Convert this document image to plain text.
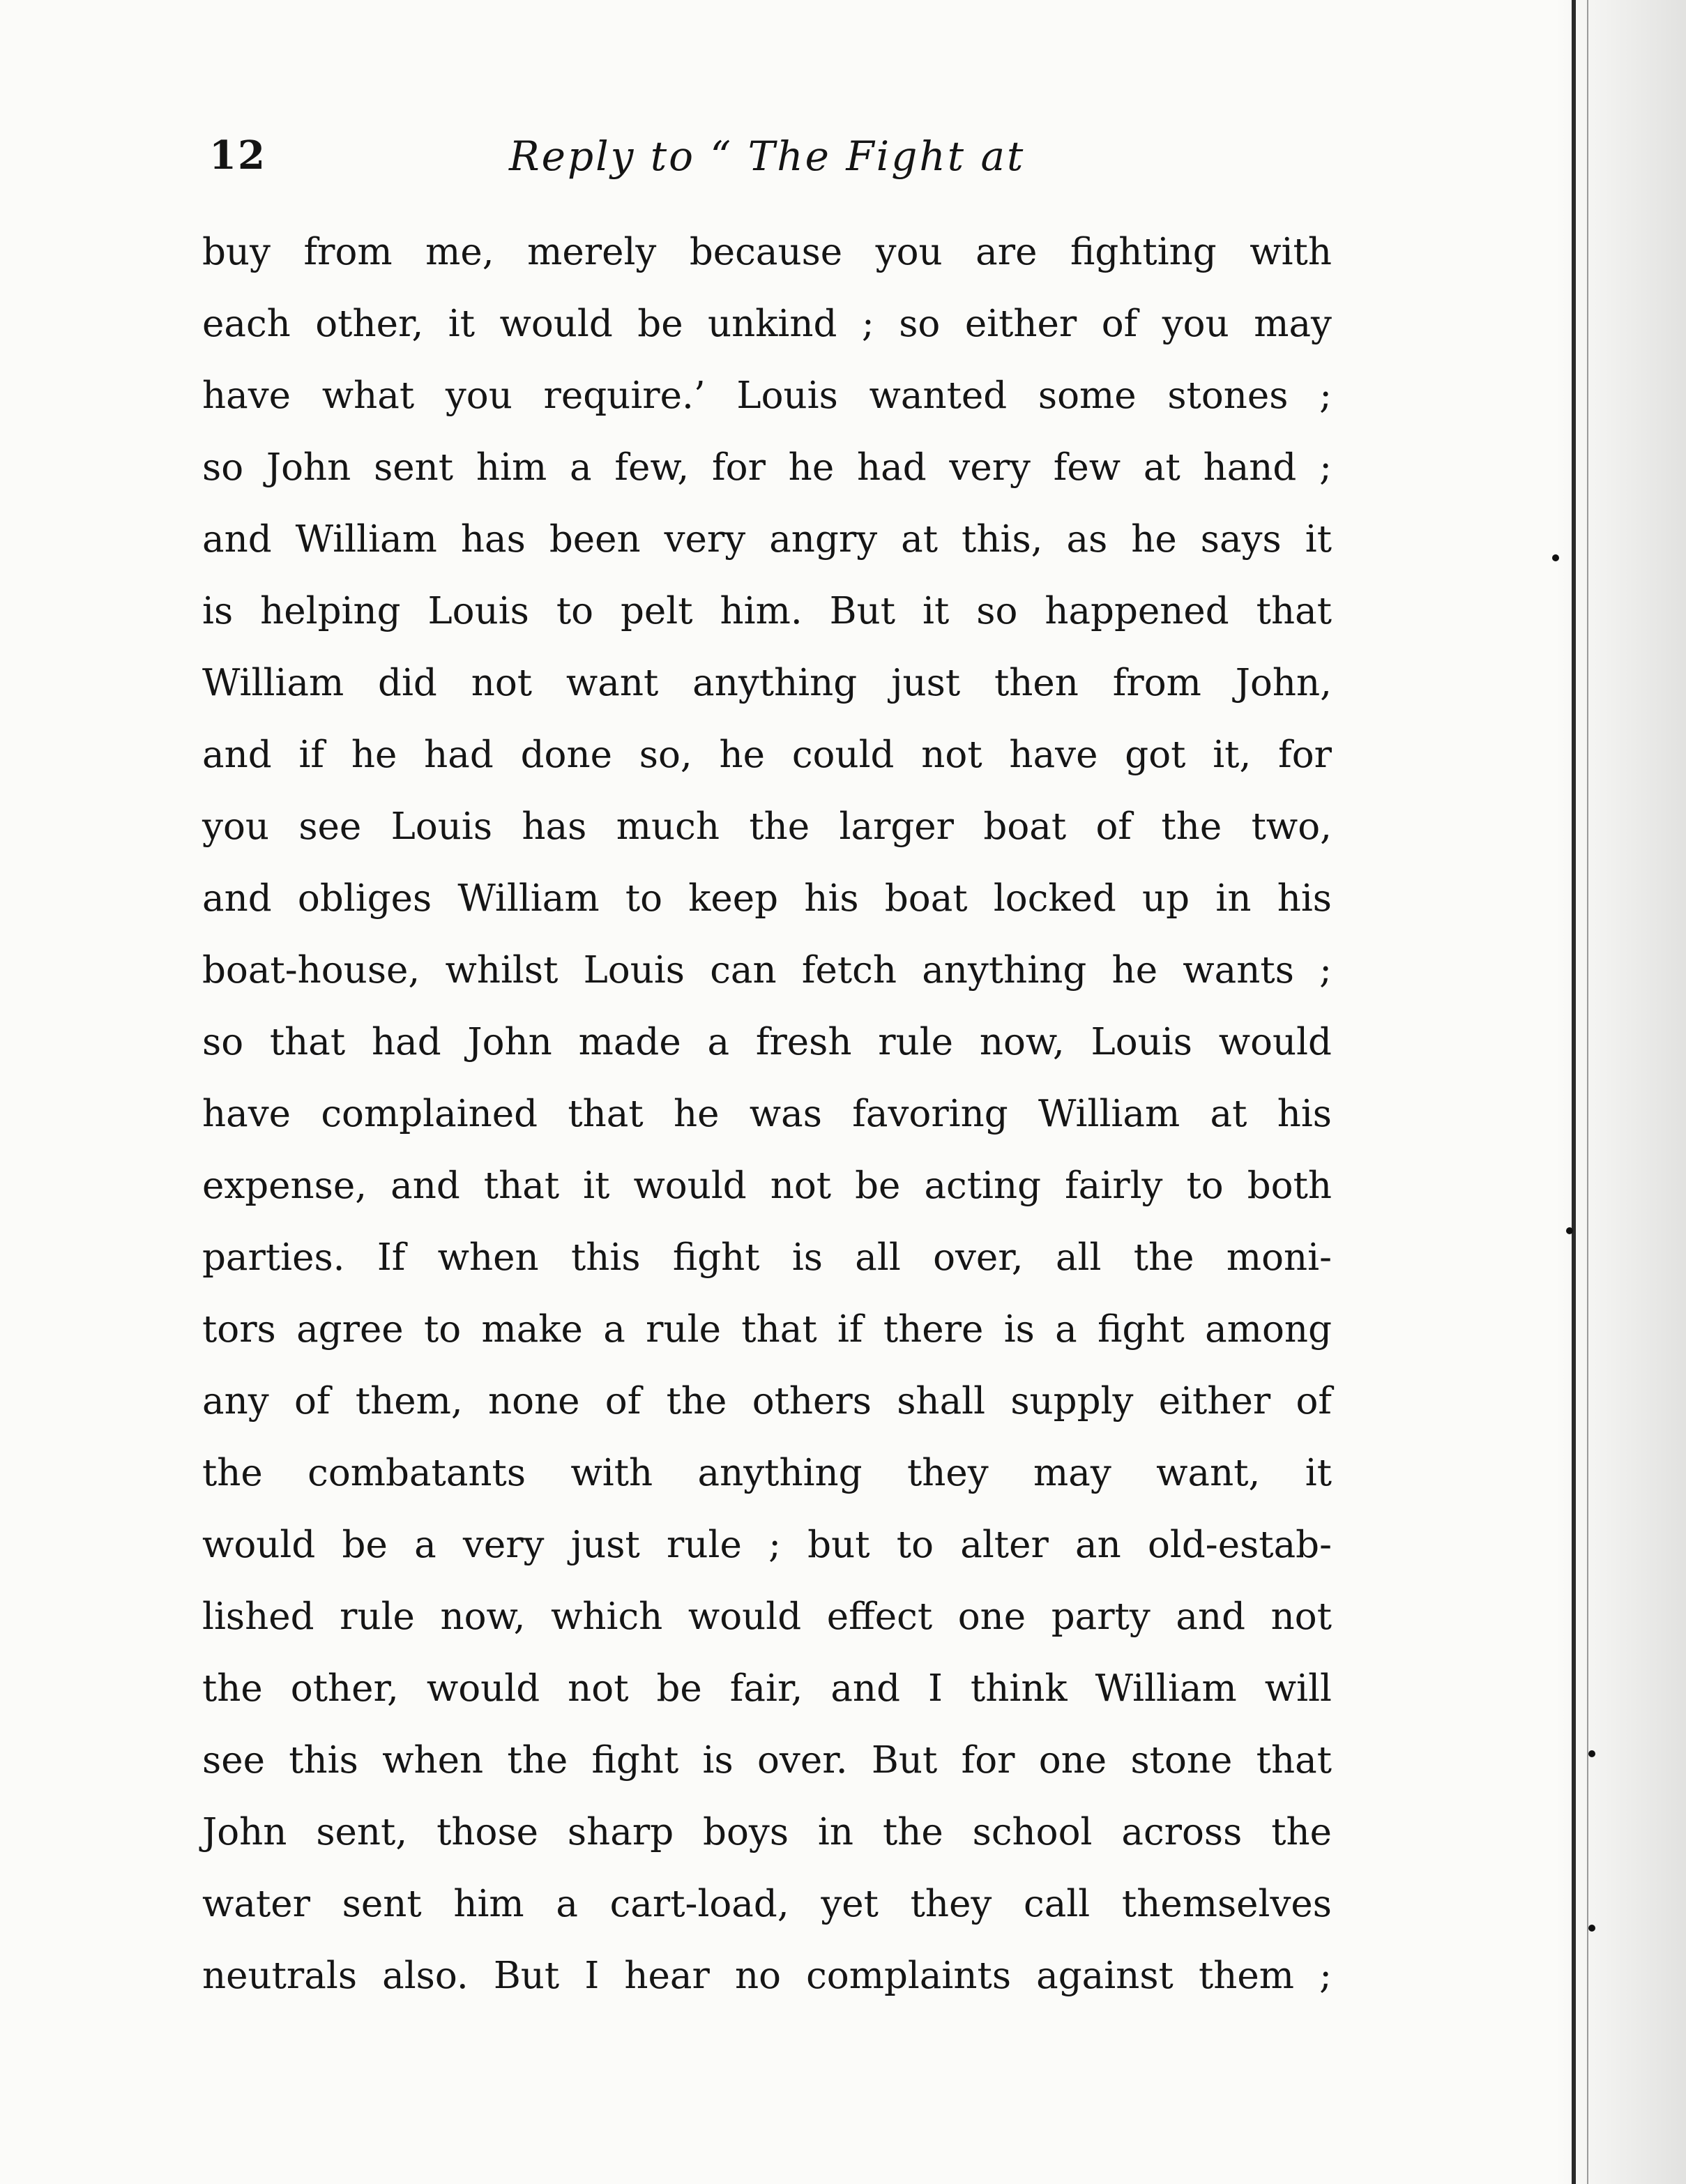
12	Reply to “ The Fight at
buy from me, merely because you are fighting with
each other, it would be unkind ; so either of you may
have what you require.’ Louis wanted some stones ;
so John sent him a few, for he had very few at hand ;
and William has been very angry at this, as he says it
is helping Louis to pelt him. But it so happened that
William did not want anything just then from John,
and if he had done so, he could not have got it, for
you see Louis has much the larger boat of the two,
and obliges William to keep his boat locked up in his
boat-house, whilst Louis can fetch anything he wants ;
so that had John made a fresh rule now, Louis would
have complained that he was favoring William at his
expense, and that it would not be acting fairly to both
parties. If when this fight is all over, all the moni-
tors agree to make a rule that if there is a fight among
any of them, none of the others shall supply either of
the combatants with anything they may want, it
would be a very just rule ; but to alter an old-estab-
lished rule now, which would effect one party and not
the other, would not be fair, and I think William will
see this when the fight is over. But for one stone that
John sent, those sharp boys in the school across the
water sent him a cart-load, yet they call themselves
neutrals also. But I hear no complaints against them ;
